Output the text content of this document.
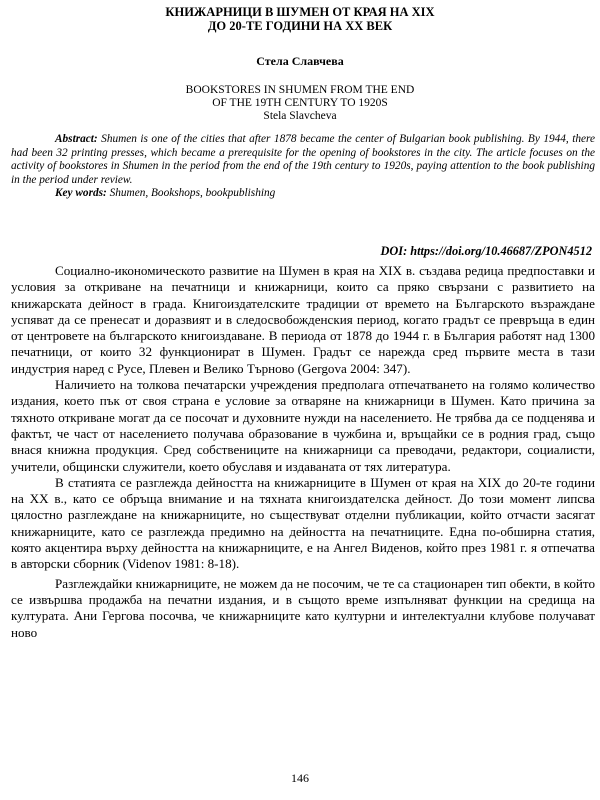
КНИЖАРНИЦИ В ШУМЕН ОТ КРАЯ НА XIX
ДО 20-ТЕ ГОДИНИ НА XX ВЕК
Стела Славчева
BOOKSTORES IN SHUMEN FROM THE END
OF THE 19TH CENTURY TO 1920S
Stela Slavcheva

Abstract: Shumen is one of the cities that after 1878 became the center of Bulgarian book publishing. By 1944, there had been 32 printing presses, which became a prerequisite for the opening of bookstores in the city. The article focuses on the activity of bookstores in Shumen in the period from the end of the 19th century to 1920s, paying attention to the book publishing in the period under review.

Key words: Shumen, Bookshops, bookpublishing

DOI: https://doi.org/10.46687/ZPON4512

Социално-икономическото развитие на Шумен в края на XIX в. създава редица предпоставки и условия за откриване на печатници и книжарници, които са пряко свързани с развитието на книжарската дейност в града. Книгоиздателските традиции от времето на Българското възраждане успяват да се пренесат и доразвият и в следосвобожденския период, когато градът се превръща в един от центровете на българското книгоиздаване. В периода от 1878 до 1944 г. в България работят над 1300 печатници, от които 32 функционират в Шумен. Градът се нарежда сред първите места в тази индустрия наред с Русе, Плевен и Велико Търново (Gergova 2004: 347).

Наличието на толкова печатарски учреждения предполага отпечатването на голямо количество издания, което пък от своя страна е условие за отваряне на книжарници в Шумен. Като причина за тяхното откриване могат да се посочат и духовните нужди на населението. Не трябва да се подценява и фактът, че част от населението получава образование в чужбина и, връщайки се в родния град, също внася книжна продукция. Сред собствениците на книжарници са преводачи, редактори, социалисти, учители, общински служители, което обуславя и издаваната от тях литература.

В статията се разглежда дейността на книжарниците в Шумен от края на XIX до 20-те години на XX в., като се обръща внимание и на тяхната книгоиздателска дейност. До този момент липсва цялостно разглеждане на книжарниците, но съществуват отделни публикации, който отчасти засягат книжарниците, като се разглежда предимно на дейността на печатниците. Една по-обширна статия, която акцентира върху дейността на книжарниците, е на Ангел Виденов, който през 1981 г. я отпечатва в авторски сборник (Videnov 1981: 8-18).

Разглеждайки книжарниците, не можем да не посочим, че те са стационарен тип обекти, в който се извършва продажба на печатни издания, и в същото време изпълняват функции на средища на културата. Ани Гергова посочва, че книжарниците като културни и интелектуални клубове получават ново

146
